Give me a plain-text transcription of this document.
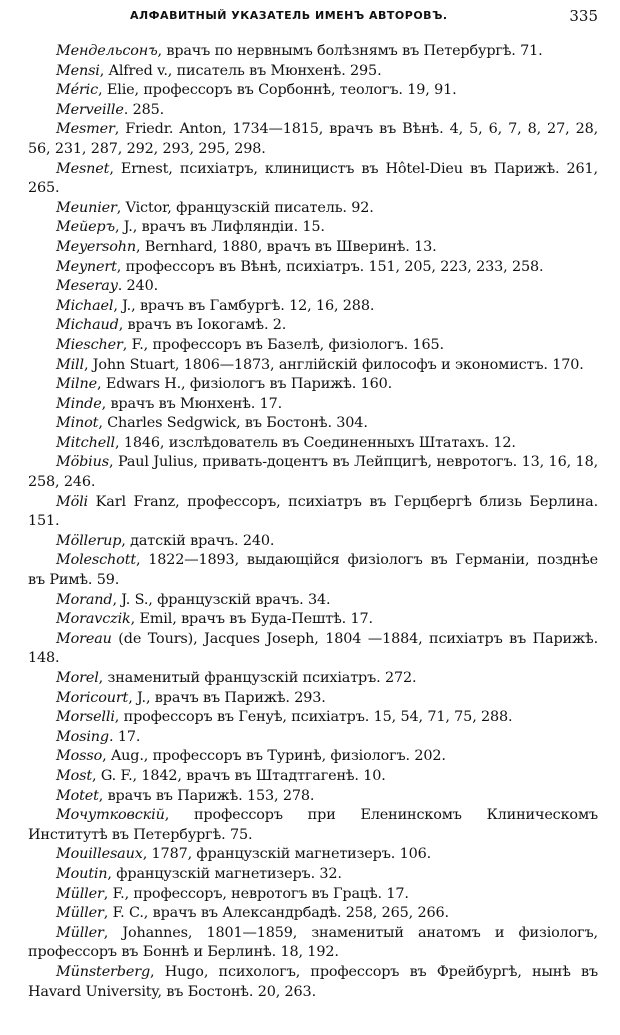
АЛФАВИТНЫЙ УКАЗАТЕЛЬ ИМЕНЪ АВТОРОВЪ.	335
Мендельсонъ, врачъ по нервнымъ болѣзнямъ въ Петербургѣ. 71.
Mensi, Alfred v., писатель въ Мюнхенѣ. 295.
Méric, Elie, профессоръ въ Сорбоннѣ, теологъ. 19, 91.
Merveille. 285.
Mesmer, Friedr. Anton, 1734—1815, врачъ въ Вѣнѣ. 4, 5, 6, 7, 8, 27, 28, 56, 231, 287, 292, 293, 295, 298.
Mesnet, Ernest, психіатръ, клиницистъ въ Hôtel-Dieu въ Парижѣ. 261, 265.
Meunier, Victor, французскій писатель. 92.
Мейеръ, J., врачъ въ Лифляндіи. 15.
Meyersohn, Bernhard, 1880, врачъ въ Шверинѣ. 13.
Meynert, профессоръ въ Вѣнѣ, психіатръ. 151, 205, 223, 233, 258.
Meseray. 240.
Michael, J., врачъ въ Гамбургѣ. 12, 16, 288.
Michaud, врачъ въ Іокогамѣ. 2.
Miescher, F., профессоръ въ Базелѣ, физіологъ. 165.
Mill, John Stuart, 1806—1873, англійскій философъ и экономистъ. 170.
Milne, Edwars H., физіологъ въ Парижѣ. 160.
Minde, врачъ въ Мюнхенѣ. 17.
Minot, Charles Sedgwick, въ Бостонѣ. 304.
Mitchell, 1846, изслѣдователь въ Соединенныхъ Штатахъ. 12.
Möbius, Paul Julius, привать-доцентъ въ Лейпцигѣ, невротогъ. 13, 16, 18, 258, 246.
Möli Karl Franz, профессоръ, психіатръ въ Герцбергѣ близь Берлина. 151.
Möllerup, датскій врачъ. 240.
Moleschott, 1822—1893, выдающійся физіологъ въ Германіи, позднѣе въ Римѣ. 59.
Morand, J. S., французскій врачъ. 34.
Moravczik, Emil, врачъ въ Буда-Пештѣ. 17.
Moreau (de Tours), Jacques Joseph, 1804 —1884, психіатръ въ Парижѣ. 148.
Morel, знаменитый французскій психіатръ. 272.
Moricourt, J., врачъ въ Парижѣ. 293.
Morselli, профессоръ въ Генуѣ, психіатръ. 15, 54, 71, 75, 288.
Mosing. 17.
Mosso, Aug., профессоръ въ Туринѣ, физіологъ. 202.
Most, G. F., 1842, врачъ въ Штадтгагенѣ. 10.
Motet, врачъ въ Парижѣ. 153, 278.
Мочутковскій, профессоръ при Еленинскомъ Клиническомъ Институтѣ въ Петербургѣ. 75.
Mouillesaux, 1787, французскій магнетизеръ. 106.
Moutin, французскій магнетизеръ. 32.
Müller, F., профессоръ, невротогъ въ Грацѣ. 17.
Müller, F. C., врачъ въ Александрбадѣ. 258, 265, 266.
Müller, Johannes, 1801—1859, знаменитый анатомъ и физіологъ, профессоръ въ Боннѣ и Берлинѣ. 18, 192.
Münsterberg, Hugo, психологъ, профессоръ въ Фрейбургѣ, нынѣ въ Havard University, въ Бостонѣ. 20, 263.
